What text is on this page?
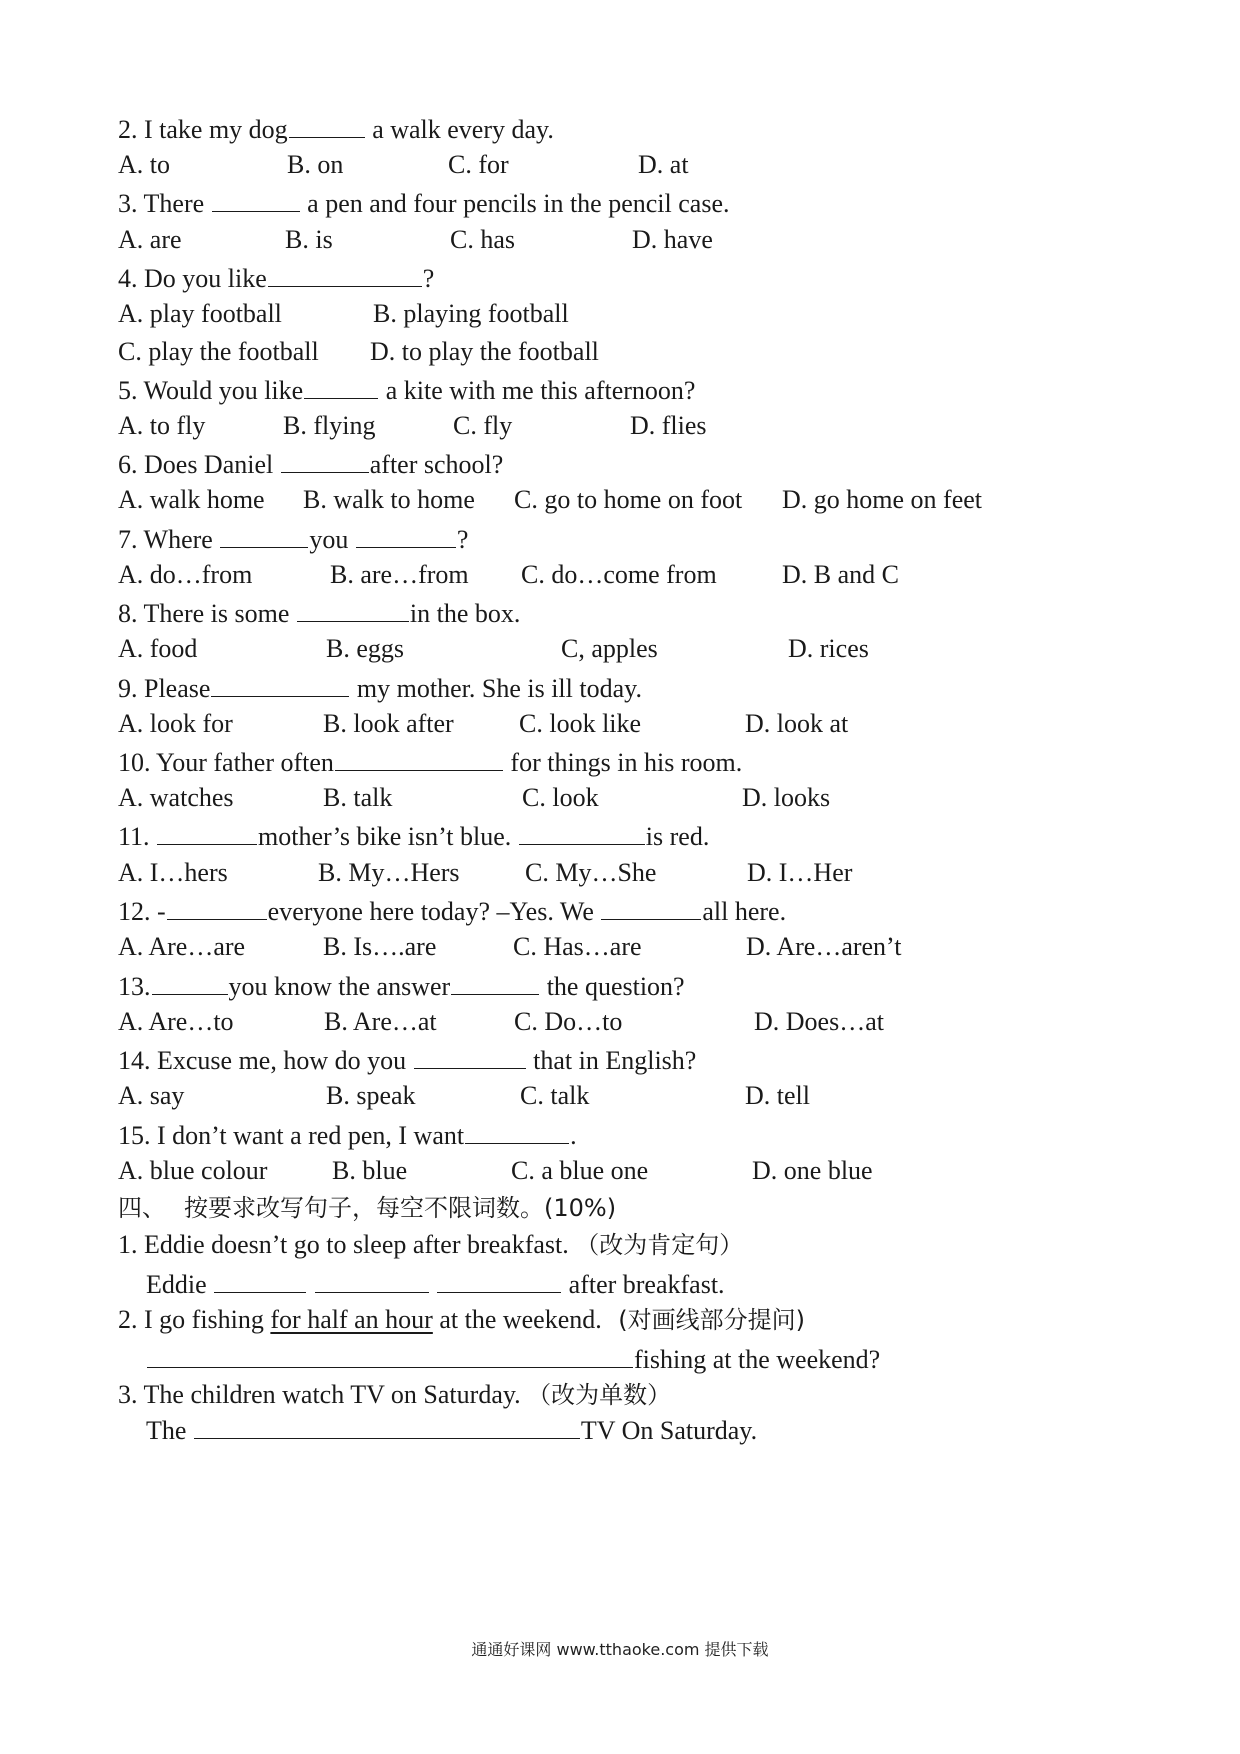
2. I take my dog	a walk every day.
A. to	B. on	C. for	D. at
3. There	a pen and four pencils in the pencil case.
A. are	B. is	C. has	D. have
4. Do you like	?
A. play football	B. playing football
C. play the football D. to play the football
5. Would you like	a kite with me this afternoon?
A. to fly	B. flying	C. fly	D. flies
6. Does Daniel	after school?
A. walk home B. walk to home C. go to home on foot D. go home on feet
7. Where	you	?
A. do…from	B. are…from C. do…come from	D. B and C
8. There is some	in the box.
A. food	B. eggs	C, apples	D. rices
9. Please	my mother. She is ill today.
A. look for	B. look after	C. look like	D. look at
10. Your father often	for things in his room.
A. watches	B. talk	C. look	D. looks
11.	mother’s bike isn’t blue.	is red.
A. I…hers	B. My…Hers	C. My…She	D. I…Her
12. -	everyone here today? –Yes. We	all here.
A. Are…are	B. Is….are	C. Has…are	D. Are…aren’t
13.	you know the answer	the question?
A. Are…to	B. Are…at	C. Do…to	D. Does…at
14. Excuse me, how do you	that in English?
A. say	B. speak	C. talk	D. tell
15. I don’t want a red pen, I want	.
A. blue colour B. blue	C. a blue one	D. one blue
四、 按要求改写句子，每空不限词数。(10%)
1. Eddie doesn’t go to sleep after breakfast. （改为肯定句）
Eddie	after breakfast.
2. I go fishing for half an hour at the weekend. (对画线部分提问)
fishing at the weekend?
3. The children watch TV on Saturday. （改为单数）
The	TV On Saturday.
通通好课网 www.tthaoke.com 提供下载
